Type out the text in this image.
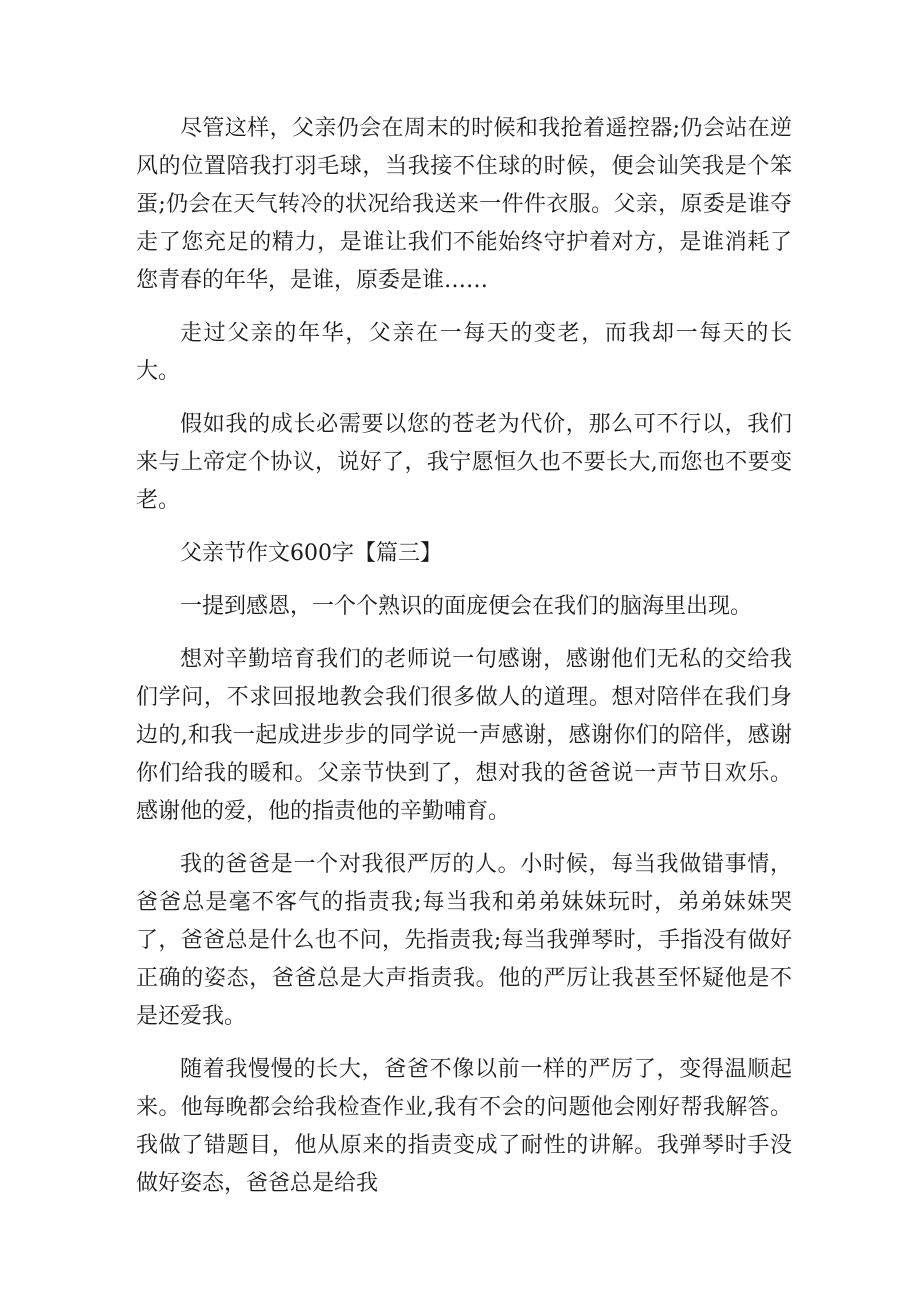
尽管这样，父亲仍会在周末的时候和我抢着遥控器;仍会站在逆风的位置陪我打羽毛球，当我接不住球的时候，便会讪笑我是个笨蛋;仍会在天气转冷的状况给我送来一件件衣服。父亲，原委是谁夺走了您充足的精力，是谁让我们不能始终守护着对方，是谁消耗了您青春的年华，是谁，原委是谁……

走过父亲的年华，父亲在一每天的变老，而我却一每天的长大。

假如我的成长必需要以您的苍老为代价，那么可不行以，我们来与上帝定个协议，说好了，我宁愿恒久也不要长大,而您也不要变老。

父亲节作文600字【篇三】

一提到感恩，一个个熟识的面庞便会在我们的脑海里出现。

想对辛勤培育我们的老师说一句感谢，感谢他们无私的交给我们学问，不求回报地教会我们很多做人的道理。想对陪伴在我们身边的,和我一起成进步步的同学说一声感谢，感谢你们的陪伴，感谢你们给我的暖和。父亲节快到了，想对我的爸爸说一声节日欢乐。感谢他的爱，他的指责他的辛勤哺育。

我的爸爸是一个对我很严厉的人。小时候，每当我做错事情，爸爸总是毫不客气的指责我;每当我和弟弟妹妹玩时，弟弟妹妹哭了，爸爸总是什么也不问，先指责我;每当我弹琴时，手指没有做好正确的姿态，爸爸总是大声指责我。他的严厉让我甚至怀疑他是不是还爱我。

随着我慢慢的长大，爸爸不像以前一样的严厉了，变得温顺起来。他每晚都会给我检查作业,我有不会的问题他会刚好帮我解答。我做了错题目，他从原来的指责变成了耐性的讲解。我弹琴时手没做好姿态，爸爸总是给我
